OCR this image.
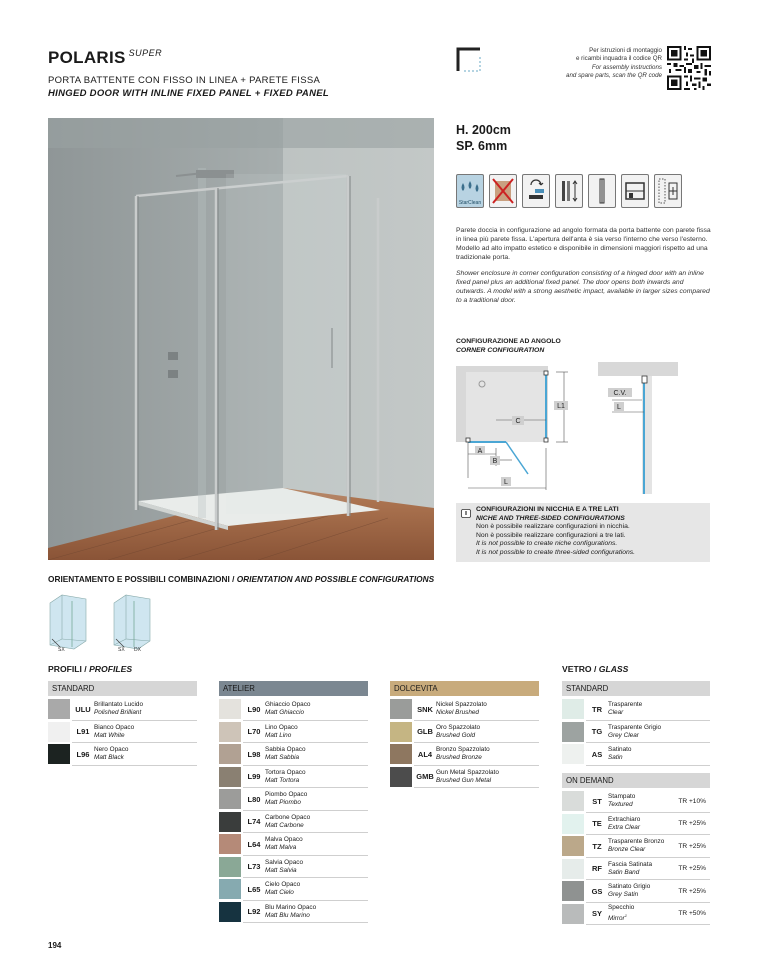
POLARIS $^{SUPER}$
PORTA BATTENTE CON FISSO IN LINEA + PARETE FISSA
HINGED DOOR WITH INLINE FIXED PANEL + FIXED PANEL
Per istruzioni di montaggio
e ricambi inquadra il codice QR
For assembly instructions
and spare parts, scan the QR code
H. 200cm
SP. 6mm
StarClean

Parete doccia in configurazione ad angolo formata da porta battente con parete fissa in linea più parete fissa. L'apertura dell'anta è sia verso l'interno che verso l'esterno. Modello ad alto impatto estetico e disponibile in dimensioni maggiori rispetto ad una tradizionale porta.

Shower enclosure in corner configuration consisting of a hinged door with an inline fixed panel plus an additional fixed panel. The door opens both inwards and outwards. A model with a strong aesthetic impact, available in larger sizes compared to a traditional door.

CONFIGURAZIONE AD ANGOLO
CORNER CONFIGURATION
C
L1
A
B
L
C.V.
L
CONFIGURAZIONI IN NICCHIA E A TRE LATI
NICHE AND THREE-SIDED CONFIGURATIONS
Non è possibile realizzare configurazioni in nicchia.
Non è possibile realizzare configurazioni a tre lati.
It is not possible to create niche configurations.
It is not possible to create three-sided configurations.
ORIENTAMENTO E POSSIBILI COMBINAZIONI / ORIENTATION AND POSSIBLE CONFIGURATIONS
SX	SX DX
PROFILI / PROFILES	VETRO / GLASS
STANDARD
ULU Brillantato Lucido
Polished Brilliant
L91 Bianco Opaco
Matt White
L96 Nero Opaco
Matt Black
ATELIER
L90 Ghiaccio Opaco
Matt Ghiaccio
L70 Lino Opaco
Matt Lino
L98 Sabbia Opaco
Matt Sabbia
L99 Tortora Opaco
Matt Tortora
L80 Piombo Opaco
Matt Piombo
L74 Carbone Opaco
Matt Carbone
L64 Malva Opaco
Matt Malva
L73 Salvia Opaco
Matt Salvia
L65 Cielo Opaco
Matt Cielo
L92 Blu Marino Opaco
Matt Blu Marino
DOLCEVITA
SNK Nickel Spazzolato
Nickel Brushed
GLB Oro Spazzolato
Brushed Gold
AL4 Bronzo Spazzolato
Brushed Bronze
GMB Gun Metal Spazzolato
Brushed Gun Metal
STANDARD
TR Trasparente
Clear
TG Trasparente Grigio
Grey Clear
AS Satinato
Satin
ON DEMAND
ST Stampato
Textured	TR +10%
TE Extrachiaro
Extra Clear	TR +25%
TZ	Trasparente Bronzo
Bronze Clear	TR +25%
RF Fascia Satinata
Satin Band	TR +25%
GS Satinato Grigio
Grey Satin	TR +25%
SY
Specchio
Mirror$^1$	TR +50%
194
